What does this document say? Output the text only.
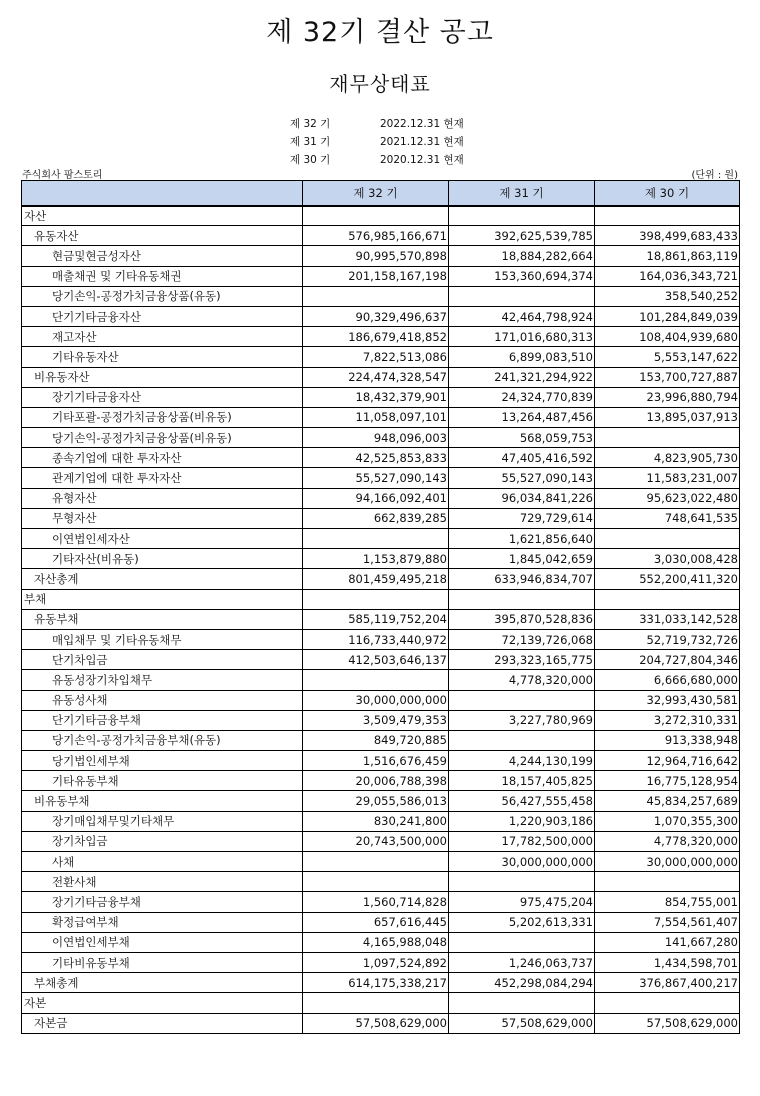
제 32기 결산 공고
재무상태표
제 32 기	2022.12.31 현재
제 31 기	2021.12.31 현재
제 30 기	2020.12.31 현재
주식회사 팜스토리	(단위 : 원)
	제 32 기	제 31 기	제 30 기
자산			
유동자산	576,985,166,671	392,625,539,785	398,499,683,433
현금및현금성자산	90,995,570,898	18,884,282,664	18,861,863,119
매출채권 및 기타유동채권	201,158,167,198	153,360,694,374	164,036,343,721
당기손익-공정가치금융상품(유동)			358,540,252
단기기타금융자산	90,329,496,637	42,464,798,924	101,284,849,039
재고자산	186,679,418,852	171,016,680,313	108,404,939,680
기타유동자산	7,822,513,086	6,899,083,510	5,553,147,622
비유동자산	224,474,328,547	241,321,294,922	153,700,727,887
장기기타금융자산	18,432,379,901	24,324,770,839	23,996,880,794
기타포괄-공정가치금융상품(비유동)	11,058,097,101	13,264,487,456	13,895,037,913
당기손익-공정가치금융상품(비유동)	948,096,003	568,059,753	
종속기업에 대한 투자자산	42,525,853,833	47,405,416,592	4,823,905,730
관계기업에 대한 투자자산	55,527,090,143	55,527,090,143	11,583,231,007
유형자산	94,166,092,401	96,034,841,226	95,623,022,480
무형자산	662,839,285	729,729,614	748,641,535
이연법인세자산		1,621,856,640	
기타자산(비유동)	1,153,879,880	1,845,042,659	3,030,008,428
자산총계	801,459,495,218	633,946,834,707	552,200,411,320
부채			
유동부채	585,119,752,204	395,870,528,836	331,033,142,528
매입채무 및 기타유동채무	116,733,440,972	72,139,726,068	52,719,732,726
단기차입금	412,503,646,137	293,323,165,775	204,727,804,346
유동성장기차입채무		4,778,320,000	6,666,680,000
유동성사채	30,000,000,000		32,993,430,581
단기기타금융부채	3,509,479,353	3,227,780,969	3,272,310,331
당기손익-공정가치금융부채(유동)	849,720,885		913,338,948
당기법인세부채	1,516,676,459	4,244,130,199	12,964,716,642
기타유동부채	20,006,788,398	18,157,405,825	16,775,128,954
비유동부채	29,055,586,013	56,427,555,458	45,834,257,689
장기매입채무및기타채무	830,241,800	1,220,903,186	1,070,355,300
장기차입금	20,743,500,000	17,782,500,000	4,778,320,000
사채		30,000,000,000	30,000,000,000
전환사채			
장기기타금융부채	1,560,714,828	975,475,204	854,755,001
확정급여부채	657,616,445	5,202,613,331	7,554,561,407
이연법인세부채	4,165,988,048		141,667,280
기타비유동부채	1,097,524,892	1,246,063,737	1,434,598,701
부채총계	614,175,338,217	452,298,084,294	376,867,400,217
자본			
자본금	57,508,629,000	57,508,629,000	57,508,629,000
